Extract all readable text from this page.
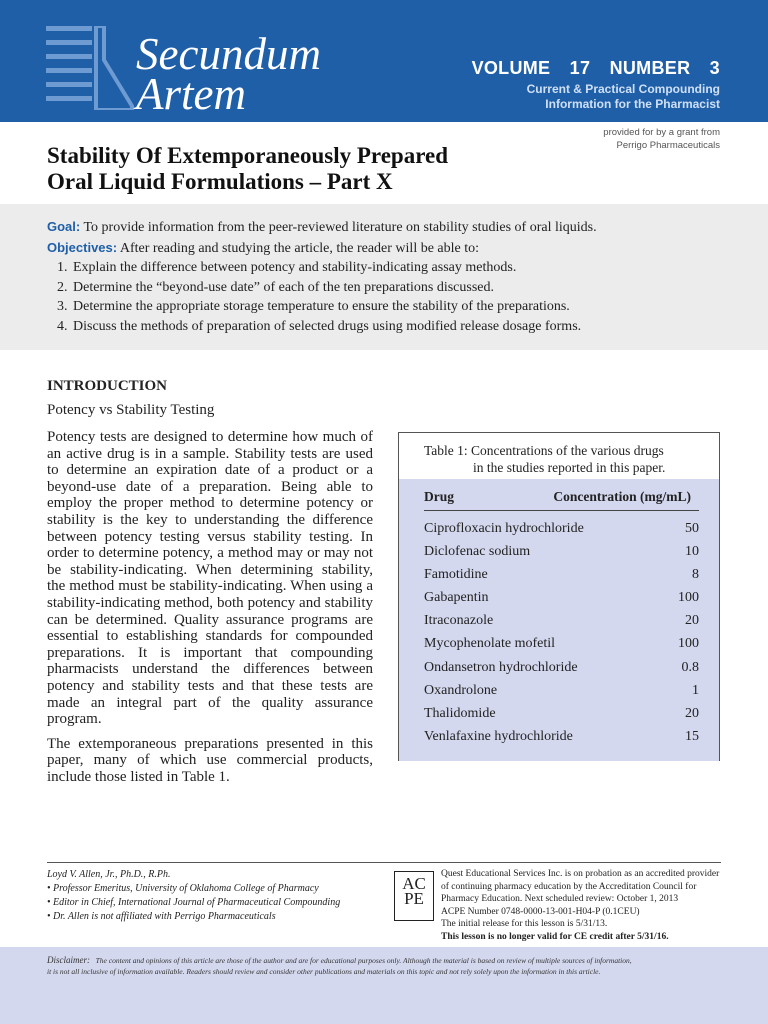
Secundum
Artem
VOLUME 17 NUMBER 3
Current & Practical Compounding
Information for the Pharmacist
provided for by a grant from
Perrigo Pharmaceuticals
Stability Of Extemporaneously Prepared
Oral Liquid Formulations – Part X
Goal: To provide information from the peer-reviewed literature on stability studies of oral liquids.
Objectives: After reading and studying the article, the reader will be able to:
1. Explain the difference between potency and stability-indicating assay methods.
2. Determine the “beyond-use date” of each of the ten preparations discussed.
3. Determine the appropriate storage temperature to ensure the stability of the preparations.
4. Discuss the methods of preparation of selected drugs using modified release dosage forms.
INTRODUCTION
Potency vs Stability Testing

Potency tests are designed to determine how much of an active drug is in a sample. Stability tests are used to determine an expiration date of a product or a beyond-use date of a preparation. Being able to employ the proper method to determine potency or stability is the key to understanding the difference between potency testing versus stability testing. In order to determine potency, a method may or may not be stability-indicating. When determining stability, the method must be stability-indicating. When using a stability-indicating method, both potency and stability can be determined. Quality assurance programs are essential to establishing standards for compounded preparations. It is important that compounding pharmacists understand the differences between potency and stability tests and that these tests are made an integral part of the quality assurance program.

The extemporaneous preparations presented in this paper, many of which use commercial products, include those listed in Table 1.

Table 1: Concentrations of the various drugs
in the studies reported in this paper.
Drug	Concentration (mg/mL)
Ciprofloxacin hydrochloride	50
Diclofenac sodium	10
Famotidine	8
Gabapentin	100
Itraconazole	20
Mycophenolate mofetil	100
Ondansetron hydrochloride	0.8
Oxandrolone	1
Thalidomide	20
Venlafaxine hydrochloride	15
Loyd V. Allen, Jr., Ph.D., R.Ph.
• Professor Emeritus, University of Oklahoma College of Pharmacy
• Editor in Chief, International Journal of Pharmaceutical Compounding
• Dr. Allen is not affiliated with Perrigo Pharmaceuticals
AC
PE
Quest Educational Services Inc. is on probation as an accredited provider
of continuing pharmacy education by the Accreditation Council for
Pharmacy Education. Next scheduled review: October 1, 2013
ACPE Number 0748-0000-13-001-H04-P (0.1CEU)
The initial release for this lesson is 5/31/13.
This lesson is no longer valid for CE credit after 5/31/16.
Disclaimer: The content and opinions of this article are those of the author and are for educational purposes only. Although the material is based on review of multiple sources of information,
it is not all inclusive of information available. Readers should review and consider other publications and materials on this topic and not rely solely upon the information in this article.
